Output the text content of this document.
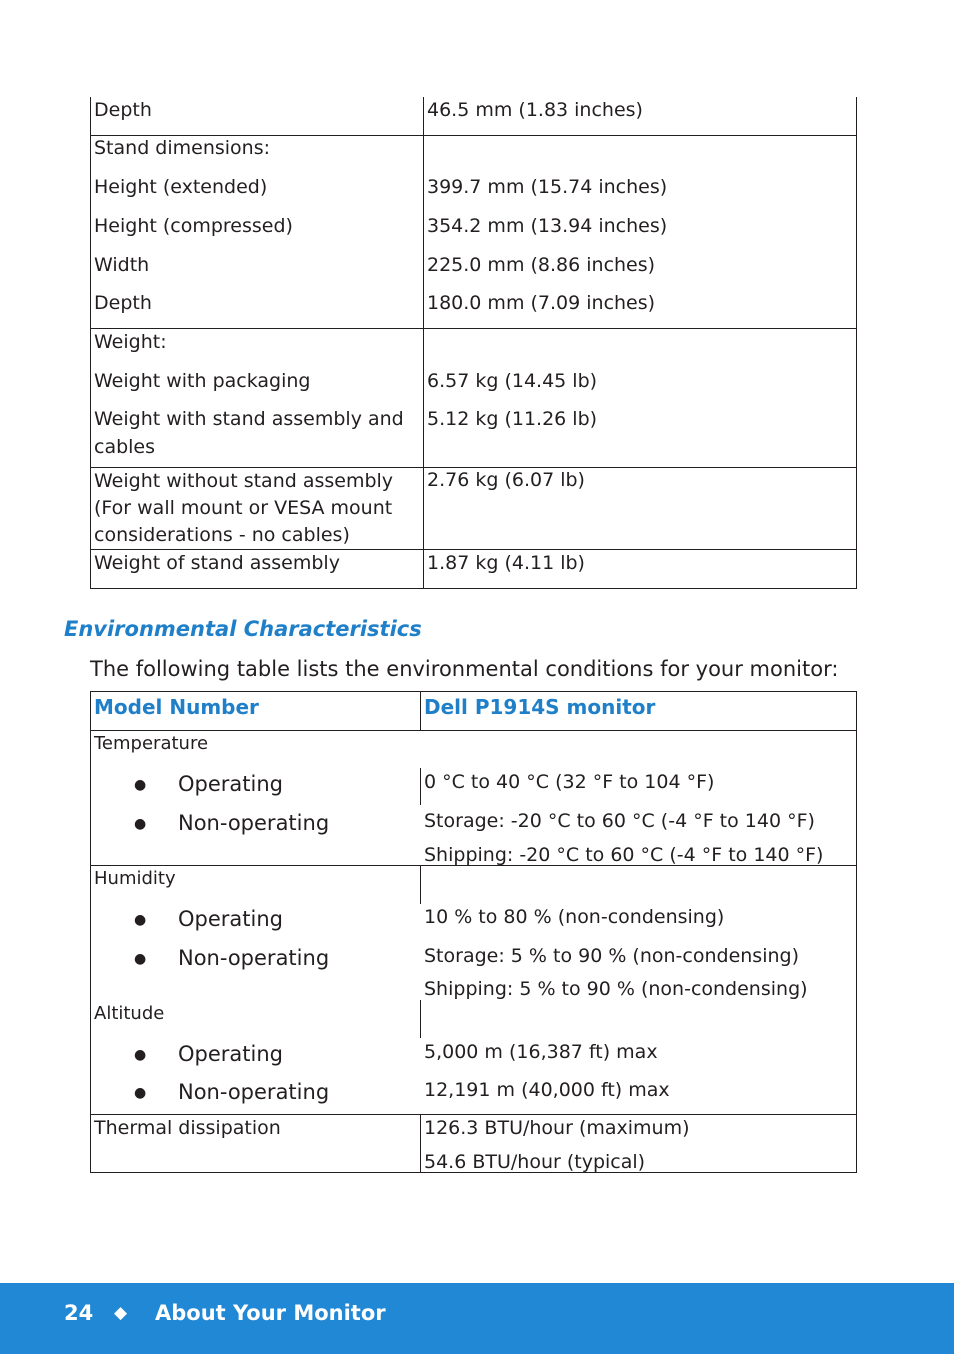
Depth	46.5 mm (1.83 inches)
Stand dimensions:
Height (extended)	399.7 mm (15.74 inches)
Height (compressed)	354.2 mm (13.94 inches)
Width	225.0 mm (8.86 inches)
Depth	180.0 mm (7.09 inches)
Weight:
Weight with packaging	6.57 kg (14.45 lb)
Weight with stand assembly and
cables
5.12 kg (11.26 lb)
Weight without stand assembly
(For wall mount or VESA mount
considerations - no cables)
2.76 kg (6.07 lb)
Weight of stand assembly	1.87 kg (4.11 lb)
Environmental Characteristics
The following table lists the environmental conditions for your monitor:
Model Number	Dell P1914S monitor
Temperature
● Operating	0 °C to 40 °C (32 °F to 104 °F)
● Non-operating	Storage: -20 °C to 60 °C (-4 °F to 140 °F)
Shipping: -20 °C to 60 °C (-4 °F to 140 °F)
Humidity
● Operating	10 % to 80 % (non-condensing)
● Non-operating	Storage: 5 % to 90 % (non-condensing)
Shipping: 5 % to 90 % (non-condensing)
Altitude
● Operating	5,000 m (16,387 ft) max
● Non-operating	12,191 m (40,000 ft) max
Thermal dissipation	126.3 BTU/hour (maximum)
54.6 BTU/hour (typical)
24 ◆ About Your Monitor
